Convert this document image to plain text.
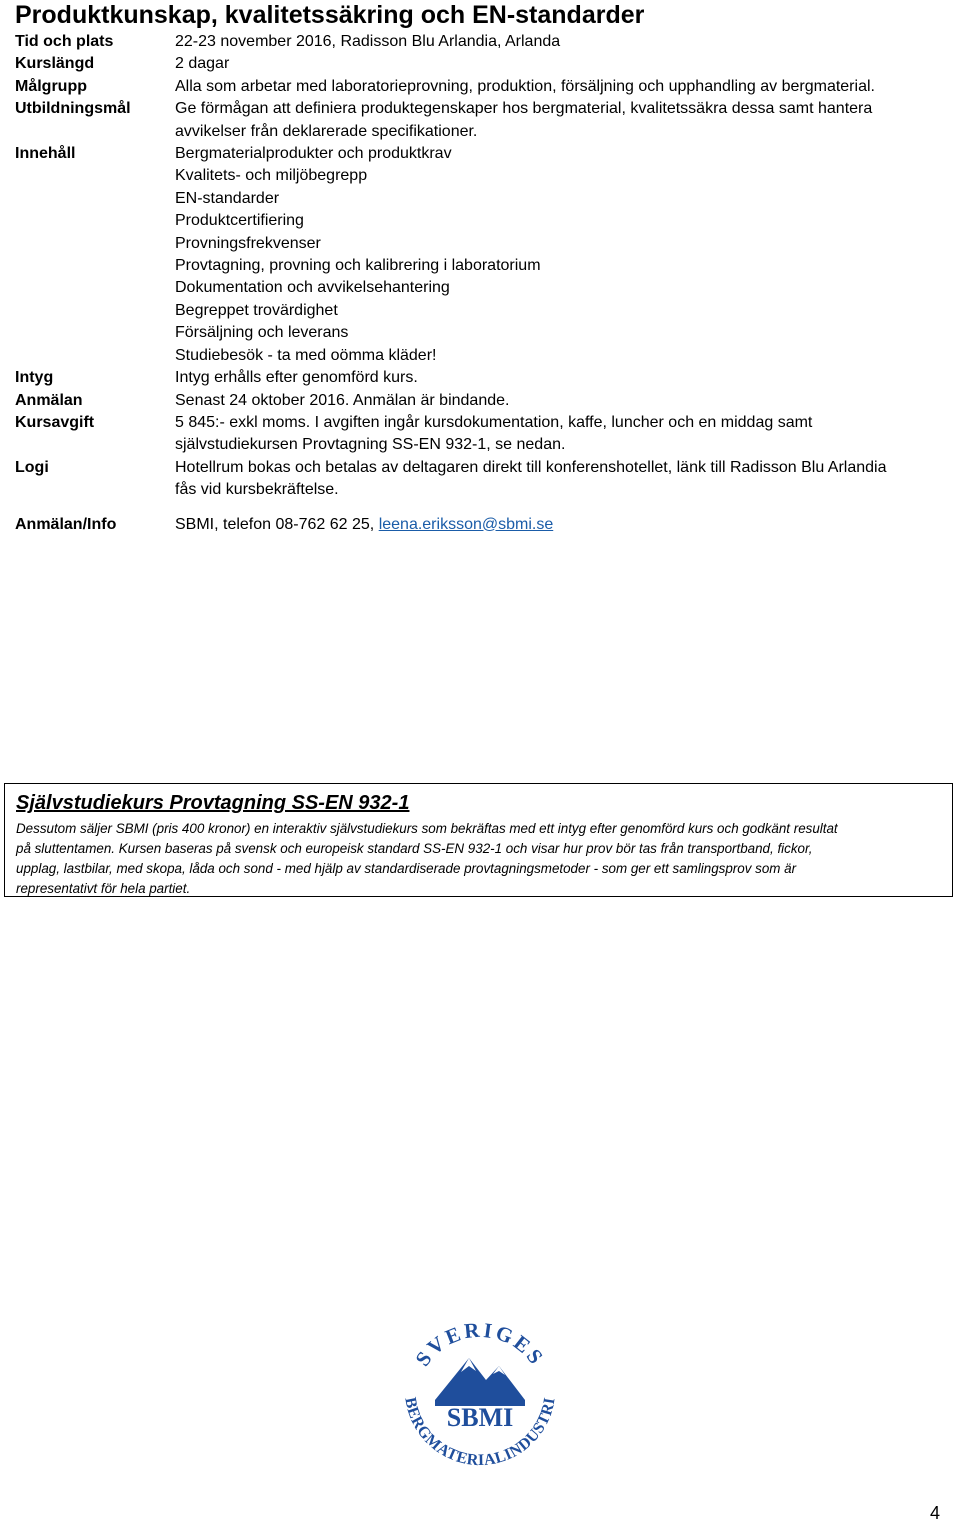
Produktkunskap, kvalitetssäkring och EN-standarder
Tid och plats	22-23 november 2016, Radisson Blu Arlandia, Arlanda
Kurslängd	2 dagar
Målgrupp	Alla som arbetar med laboratorieprovning, produktion, försäljning och upphandling av bergmaterial.
Utbildningsmål	Ge förmågan att definiera produktegenskaper hos bergmaterial, kvalitetssäkra dessa samt hantera
avvikelser från deklarerade specifikationer.
Innehåll	Bergmaterialprodukter och produktkrav
Kvalitets- och miljöbegrepp
EN-standarder
Produktcertifiering
Provningsfrekvenser
Provtagning, provning och kalibrering i laboratorium
Dokumentation och avvikelsehantering
Begreppet trovärdighet
Försäljning och leverans
Studiebesök - ta med oömma kläder!
Intyg	Intyg erhålls efter genomförd kurs.
Anmälan	Senast 24 oktober 2016. Anmälan är bindande.
Kursavgift	5 845:- exkl moms. I avgiften ingår kursdokumentation, kaffe, luncher och en middag samt
självstudiekursen Provtagning SS-EN 932-1, se nedan.
Logi	Hotellrum bokas och betalas av deltagaren direkt till konferenshotellet, länk till Radisson Blu Arlandia
fås vid kursbekräftelse.
Anmälan/Info	SBMI, telefon 08-762 62 25, leena.eriksson@sbmi.se
Självstudiekurs Provtagning SS-EN 932-1
Dessutom säljer SBMI (pris 400 kronor) en interaktiv självstudiekurs som bekräftas med ett intyg efter genomförd kurs och godkänt resultat
på sluttentamen. Kursen baseras på svensk och europeisk standard SS-EN 932-1 och visar hur prov bör tas från transportband, fickor,
upplag, lastbilar, med skopa, låda och sond - med hjälp av standardiserade provtagningsmetoder - som ger ett samlingsprov som är
representativt för hela partiet.
SVERIGES
BERGMATERIALINDUSTRI
SBMI
4
